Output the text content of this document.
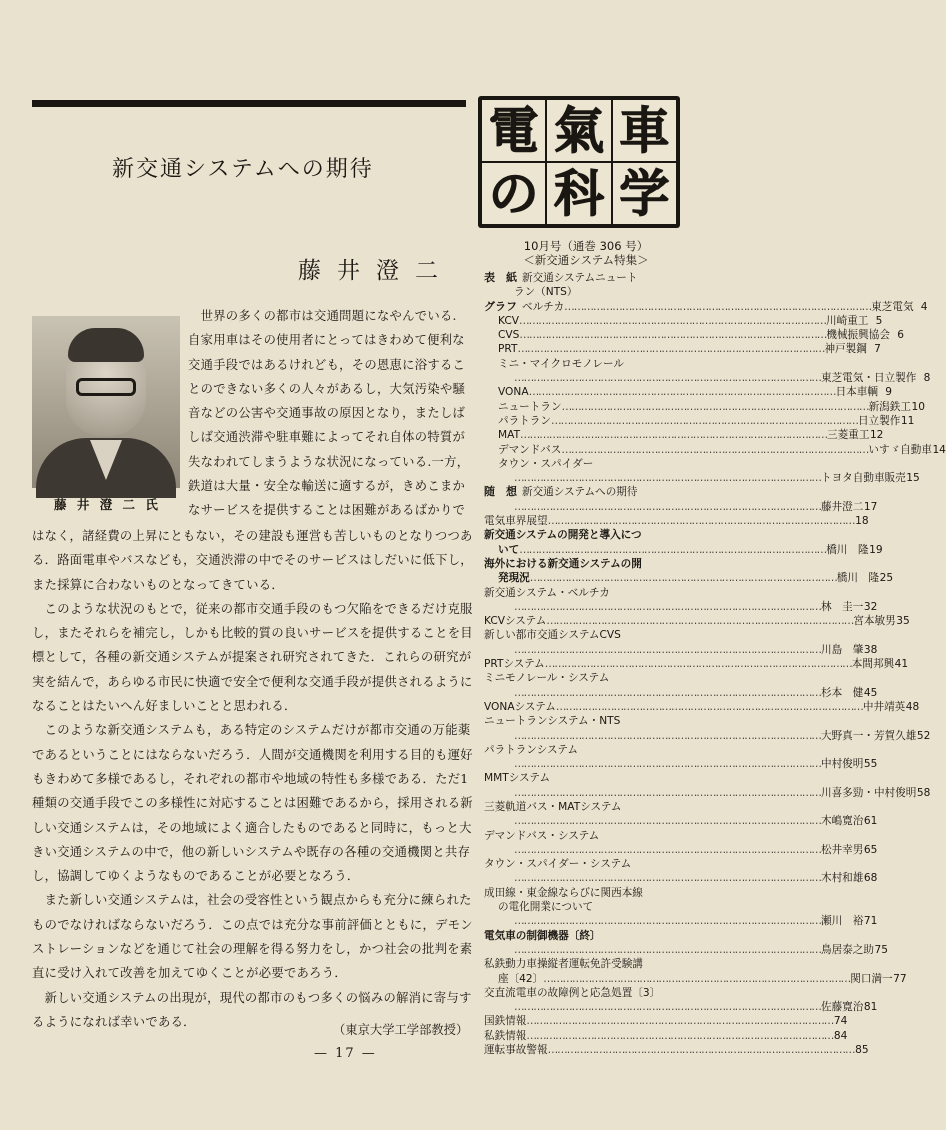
新交通システムへの期待
藤井澄二
藤 井 澄 二 氏
　世界の多くの都市は交通問題になやんでいる.
自家用車はその使用者にとってはきわめて便利な
交通手段ではあるけれども，その恩恵に浴するこ
とのできない多くの人々があるし，大気汚染や騒
音などの公害や交通事故の原因となり，またしば
しば交通渋滞や駐車難によってそれ自体の特質が
失なわれてしまうような状況になっている.一方，
鉄道は大量・安全な輸送に適するが，きめこまか
なサービスを提供することは困難があるばかりで
はなく，諸経費の上昇にともない，その建設も運営も苦しいものとなりつつあ
る．路面電車やバスなども，交通渋滞の中でそのサービスはしだいに低下し，
また採算に合わないものとなってきている．
　このような状況のもとで，従来の都市交通手段のもつ欠陥をできるだけ克服
し，またそれらを補完し，しかも比較的質の良いサービスを提供することを目
標として，各種の新交通システムが提案され研究されてきた．これらの研究が
実を結んで，あらゆる市民に快適で安全で便利な交通手段が提供されるように
なることはたいへん好ましいことと思われる．
　このような新交通システムも，ある特定のシステムだけが都市交通の万能薬
であるということにはならないだろう．人間が交通機関を利用する目的も運好
もきわめて多様であるし，それぞれの都市や地域の特性も多様である．ただ1
種類の交通手段でこの多様性に対応することは困難であるから，採用される新
しい交通システムは，その地域によく適合したものであると同時に，もっと大
きい交通システムの中で，他の新しいシステムや既存の各種の交通機関と共存
し，協調してゆくようなものであることが必要となろう．
　また新しい交通システムは，社会の受容性という観点からも充分に練られた
ものでなければならないだろう．この点では充分な事前評価とともに，デモン
ストレーションなどを通じて社会の理解を得る努力をし，かつ社会の批判を素
直に受け入れて改善を加えてゆくことが必要であろう．
　新しい交通システムの出現が，現代の都市のもつ多くの悩みの解消に寄与す
るようになれば幸いである．
（東京大学工学部教授）
— 17 —
電 氣 車
の 科 学
10月号（通巻 306 号）
＜新交通システム特集＞
表　紙 新交通システムニュート
ラン（NTS）
グラフ ベルチカ ……………………………………………………………………………………	東芝電気 4
KCV ……………………………………………………………………………………	川崎重工 5
CVS ……………………………………………………………………………………	機械振興協会 6
PRT ……………………………………………………………………………………	神戸製鋼 7
ミニ・マイクロモノレール
……………………………………………………………………………………
東芝電気・日立製作 8
VONA ……………………………………………………………………………………	日本車輌 9
ニュートラン ……………………………………………………………………………………	新潟鉄工 10
パラトラン ……………………………………………………………………………………	日立製作 11
MAT ……………………………………………………………………………………	三菱重工 12
デマンドバス ……………………………………………………………………………………	いすゞ自動車 14
タウン・スパイダー
……………………………………………………………………………………
トヨタ自動車販売 15
随　想 新交通システムへの期待
……………………………………………………………………………………
藤井澄二 17
電気車界展望 ……………………………………………………………………………………	18
新交通システムの開発と導入につ
いて ……………………………………………………………………………………	橋川　隆 19
海外における新交通システムの開
発現況 ……………………………………………………………………………………	橋川　隆 25
新交通システム・ベルチカ
……………………………………………………………………………………
林　圭一 32
KCVシステム ……………………………………………………………………………………	宮本敏男 35
新しい都市交通システムCVS
……………………………………………………………………………………
川島　肇 38
PRTシステム ……………………………………………………………………………………	本間邦興 41
ミニモノレール・システム
……………………………………………………………………………………
杉本　健 45
VONAシステム ……………………………………………………………………………………	中井靖英 48
ニュートランシステム・NTS
……………………………………………………………………………………
大野真一・芳賀久雄 52
パラトランシステム
……………………………………………………………………………………
中村俊明 55
MMTシステム
……………………………………………………………………………………
川喜多勁・中村俊明 58
三菱軌道バス・MATシステム
……………………………………………………………………………………
木嶋寛治 61
デマンドバス・システム
……………………………………………………………………………………
松井幸男 65
タウン・スパイダー・システム
……………………………………………………………………………………
木村和雄 68
成田線・東金線ならびに関西本線
の電化開業について
……………………………………………………………………………………
瀬川　裕 71
電気車の制御機器〔終〕
……………………………………………………………………………………
鳥居泰之助 75
私鉄動力車操縦者運転免許受験講
座〔42〕 ……………………………………………………………………………………	関口満一 77
交直流電車の故障例と応急処置〔3〕
……………………………………………………………………………………
佐藤寛治 81
国鉄情報 ……………………………………………………………………………………	74
私鉄情報 ……………………………………………………………………………………	84
運転事故警報 ……………………………………………………………………………………	85
